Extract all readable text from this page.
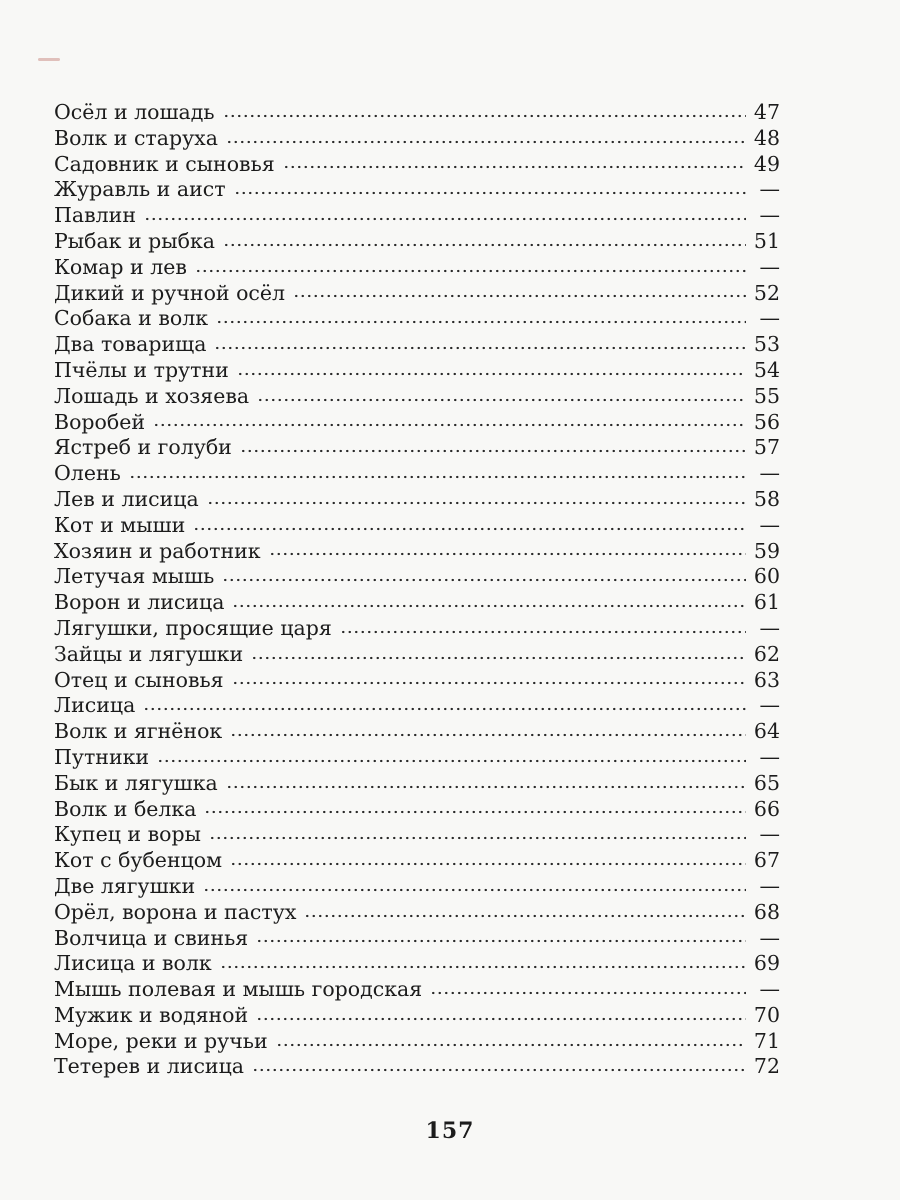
Осёл и лошадь	47
Волк и старуха	48
Садовник и сыновья	49
Журавль и аист	—
Павлин	—
Рыбак и рыбка	51
Комар и лев	—
Дикий и ручной осёл	52
Собака и волк	—
Два товарища	53
Пчёлы и трутни	54
Лошадь и хозяева	55
Воробей	56
Ястреб и голуби	57
Олень	—
Лев и лисица	58
Кот и мыши	—
Хозяин и работник	59
Летучая мышь	60
Ворон и лисица	61
Лягушки, просящие царя	—
Зайцы и лягушки	62
Отец и сыновья	63
Лисица	—
Волк и ягнёнок	64
Путники	—
Бык и лягушка	65
Волк и белка	66
Купец и воры	—
Кот с бубенцом	67
Две лягушки	—
Орёл, ворона и пастух	68
Волчица и свинья	—
Лисица и волк	69
Мышь полевая и мышь городская	—
Мужик и водяной	70
Море, реки и ручьи	71
Тетерев и лисица	72
157
